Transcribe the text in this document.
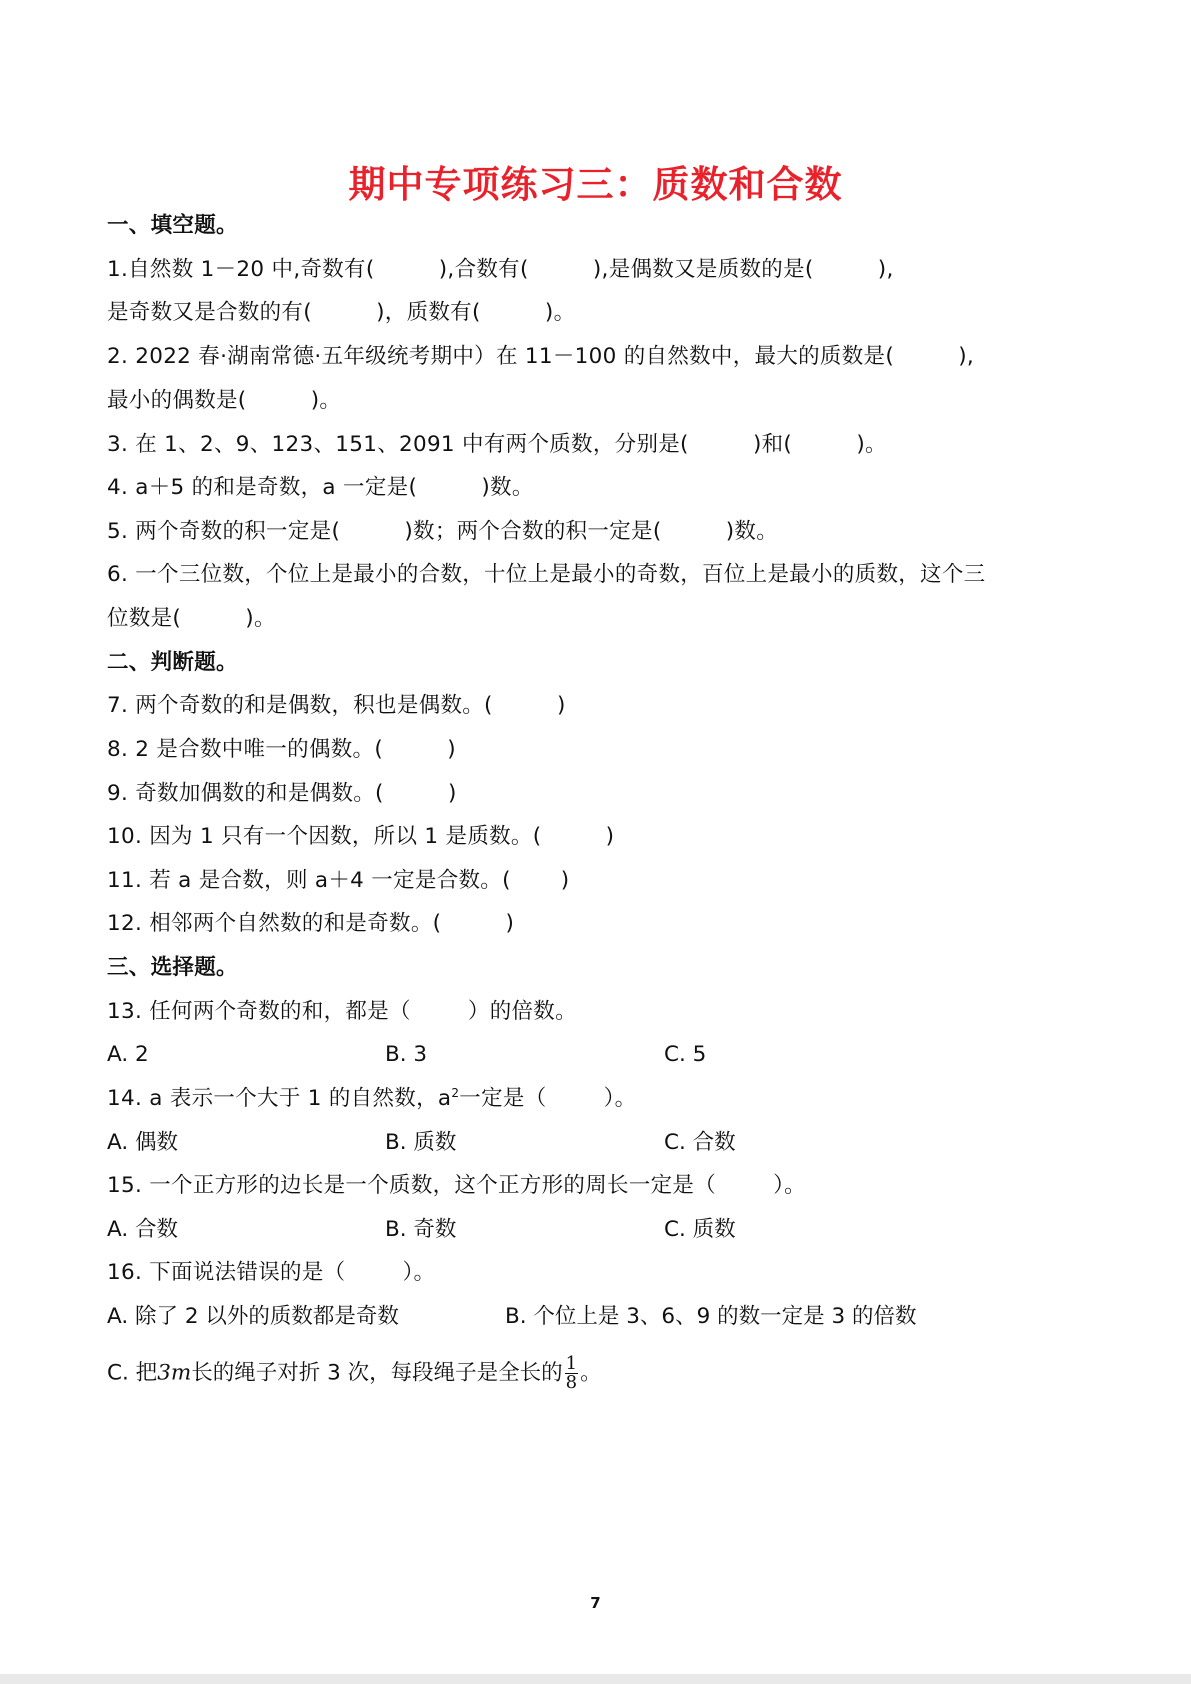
期中专项练习三：质数和合数
一、填空题。
1.自然数 1－20 中,奇数有(         ),合数有(         ),是偶数又是质数的是(         ),
是奇数又是合数的有(         )，质数有(         )。
2. 2022 春·湖南常德·五年级统考期中）在 11－100 的自然数中，最大的质数是(         ),
最小的偶数是(         )。
3. 在 1、2、9、123、151、2091 中有两个质数，分别是(         )和(         )。
4. a＋5 的和是奇数，a 一定是(         )数。
5. 两个奇数的积一定是(         )数；两个合数的积一定是(         )数。
6. 一个三位数，个位上是最小的合数，十位上是最小的奇数，百位上是最小的质数，这个三
位数是(         )。
二、判断题。
7. 两个奇数的和是偶数，积也是偶数。(         )
8. 2 是合数中唯一的偶数。(         )
9. 奇数加偶数的和是偶数。(         )
10. 因为 1 只有一个因数，所以 1 是质数。(         )
11. 若 a 是合数，则 a＋4 一定是合数。(       )
12. 相邻两个自然数的和是奇数。(         )
三、选择题。
13. 任何两个奇数的和，都是（        ）的倍数。
A. 2	B. 3	C. 5
14. a 表示一个大于 1 的自然数，$a^2$一定是（        ）。
A. 偶数	B. 质数	C. 合数
15. 一个正方形的边长是一个质数，这个正方形的周长一定是（        ）。
A. 合数	B. 奇数	C. 质数
16. 下面说法错误的是（        ）。
A. 除了 2 以外的质数都是奇数	B. 个位上是 3、6、9 的数一定是 3 的倍数
C. 把3m长的绳子对折 3 次，每段绳子是全长的 $\frac{1}{8}$ 。
7
